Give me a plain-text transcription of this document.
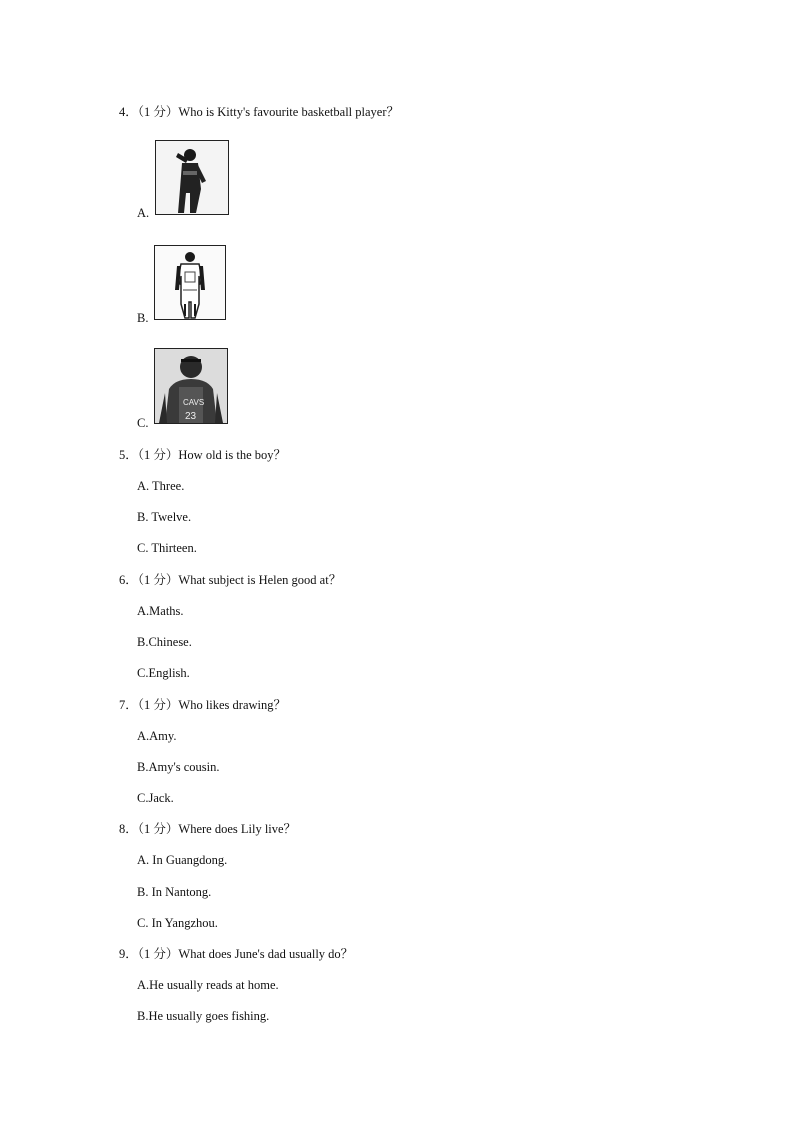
4．（1 分）Who is Kitty's favourite basketball player？
A.
B.
C.
CAVS
23
5．（1 分）How old is the boy？
A. Three.
B. Twelve.
C. Thirteen.
6．（1 分）What subject is Helen good at？
A.Maths.
B.Chinese.
C.English.
7．（1 分）Who likes drawing？
A.Amy.
B.Amy's cousin.
C.Jack.
8．（1 分）Where does Lily live？
A. In Guangdong.
B. In Nantong.
C. In Yangzhou.
9．（1 分）What does June's dad usually do？
A.He usually reads at home.
B.He usually goes fishing.
